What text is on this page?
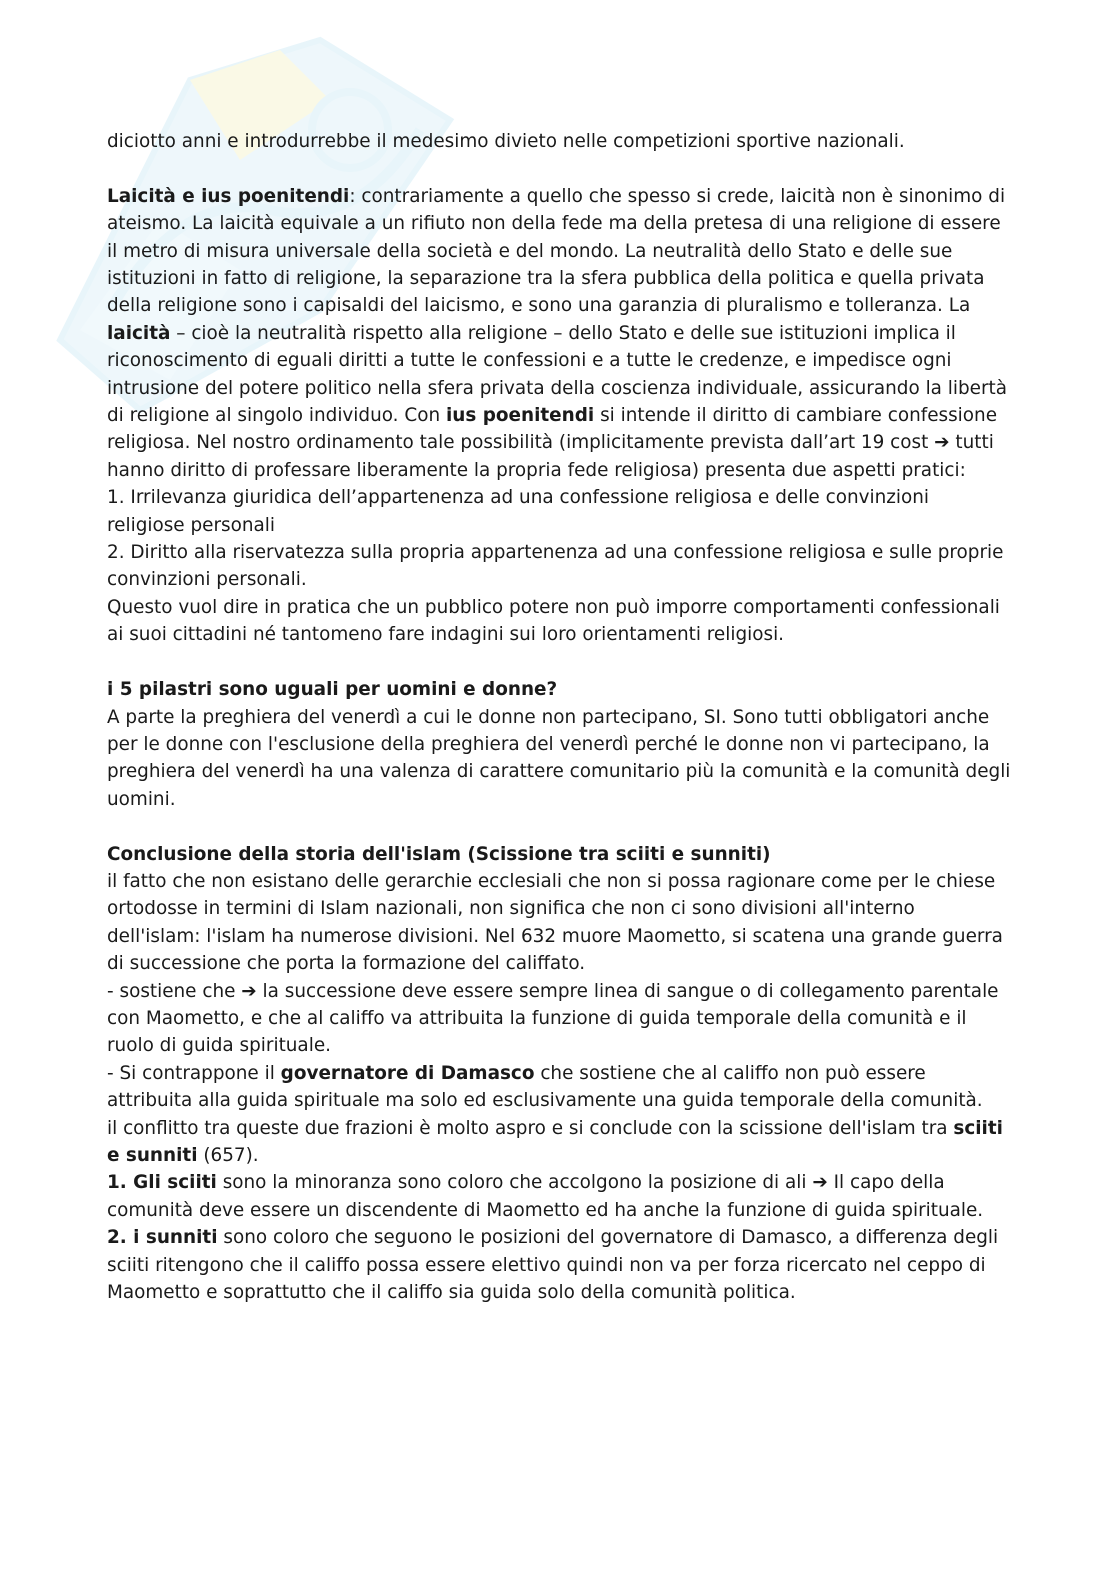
diciotto anni e introdurrebbe il medesimo divieto nelle competizioni sportive nazionali.

Laicità e ius poenitendi: contrariamente a quello che spesso si crede, laicità non è sinonimo di ateismo. La laicità equivale a un rifiuto non della fede ma della pretesa di una religione di essere il metro di misura universale della società e del mondo. La neutralità dello Stato e delle sue istituzioni in fatto di religione, la separazione tra la sfera pubblica della politica e quella privata della religione sono i capisaldi del laicismo, e sono una garanzia di pluralismo e tolleranza. La laicità – cioè la neutralità rispetto alla religione – dello Stato e delle sue istituzioni implica il riconoscimento di eguali diritti a tutte le confessioni e a tutte le credenze, e impedisce ogni intrusione del potere politico nella sfera privata della coscienza individuale, assicurando la libertà di religione al singolo individuo. Con ius poenitendi si intende il diritto di cambiare confessione religiosa. Nel nostro ordinamento tale possibilità (implicitamente prevista dall’art 19 cost ➔ tutti hanno diritto di professare liberamente la propria fede religiosa) presenta due aspetti pratici:

1. Irrilevanza giuridica dell’appartenenza ad una confessione religiosa e delle convinzioni religiose personali

2. Diritto alla riservatezza sulla propria appartenenza ad una confessione religiosa e sulle proprie convinzioni personali.

Questo vuol dire in pratica che un pubblico potere non può imporre comportamenti confessionali ai suoi cittadini né tantomeno fare indagini sui loro orientamenti religiosi.

i 5 pilastri sono uguali per uomini e donne?

A parte la preghiera del venerdì a cui le donne non partecipano, SI. Sono tutti obbligatori anche per le donne con l'esclusione della preghiera del venerdì perché le donne non vi partecipano, la preghiera del venerdì ha una valenza di carattere comunitario più la comunità e la comunità degli uomini.

Conclusione della storia dell'islam (Scissione tra sciiti e sunniti)

il fatto che non esistano delle gerarchie ecclesiali che non si possa ragionare come per le chiese ortodosse in termini di Islam nazionali, non significa che non ci sono divisioni all'interno dell'islam: l'islam ha numerose divisioni. Nel 632 muore Maometto, si scatena una grande guerra di successione che porta la formazione del califfato.

- sostiene che ➔ la successione deve essere sempre linea di sangue o di collegamento parentale con Maometto, e che al califfo va attribuita la funzione di guida temporale della comunità e il ruolo di guida spirituale.

- Si contrappone il governatore di Damasco che sostiene che al califfo non può essere attribuita alla guida spirituale ma solo ed esclusivamente una guida temporale della comunità.

il conflitto tra queste due frazioni è molto aspro e si conclude con la scissione dell'islam tra sciiti e sunniti (657).

1. Gli sciiti sono la minoranza sono coloro che accolgono la posizione di ali ➔ Il capo della comunità deve essere un discendente di Maometto ed ha anche la funzione di guida spirituale.

2. i sunniti sono coloro che seguono le posizioni del governatore di Damasco, a differenza degli sciiti ritengono che il califfo possa essere elettivo quindi non va per forza ricercato nel ceppo di Maometto e soprattutto che il califfo sia guida solo della comunità politica.
